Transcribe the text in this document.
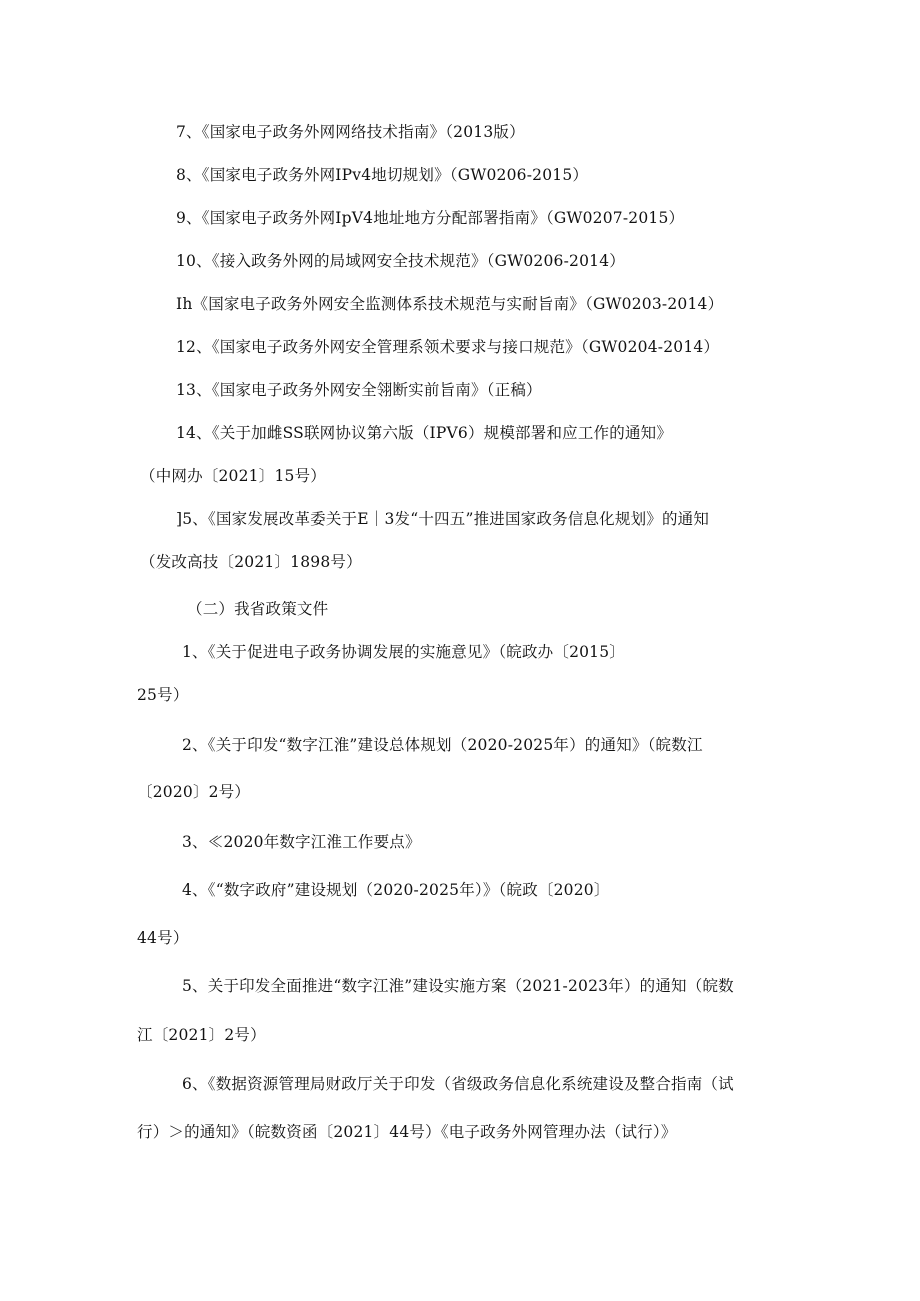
7、《国家电子政务外网网络技术指南》（2013版）
8、《国家电子政务外网IPv4地切规划》（GW0206-2015）
9、《国家电子政务外网IpV4地址地方分配部署指南》（GW0207-2015）
10、《接入政务外网的局域网安全技术规范》（GW0206-2014）
Ih《国家电子政务外网安全监测体系技术规范与实耐旨南》（GW0203-2014）
12、《国家电子政务外网安全管理系领术要求与接口规范》（GW0204-2014）
13、《国家电子政务外网安全翎断实前旨南》（正稿）
14、《关于加雌SS联网协议第六版（IPV6）规模部署和应工作的通知》
（中网办〔2021〕15号）
]5、《国家发展改革委关于E｜3发“十四五”推进国家政务信息化规划》的通知
（发改高技〔2021〕1898号）
（二）我省政策文件
1、《关于促进电子政务协调发展的实施意见》（皖政办〔2015〕
25号）
2、《关于印发“数字江淮”建设总体规划（2020-2025年）的通知》（皖数江
〔2020〕2号）
3、≪2020年数字江淮工作要点》
4、《“数字政府”建设规划（2020-2025年）》（皖政〔2020〕
44号）
5、关于印发全面推进“数字江淮”建设实施方案（2021-2023年）的通知（皖数
江〔2021〕2号）
6、《数据资源管理局财政厅关于印发（省级政务信息化系统建设及整合指南（试
行）＞的通知》（皖数资函〔2021〕44号）《电子政务外网管理办法（试行）》
